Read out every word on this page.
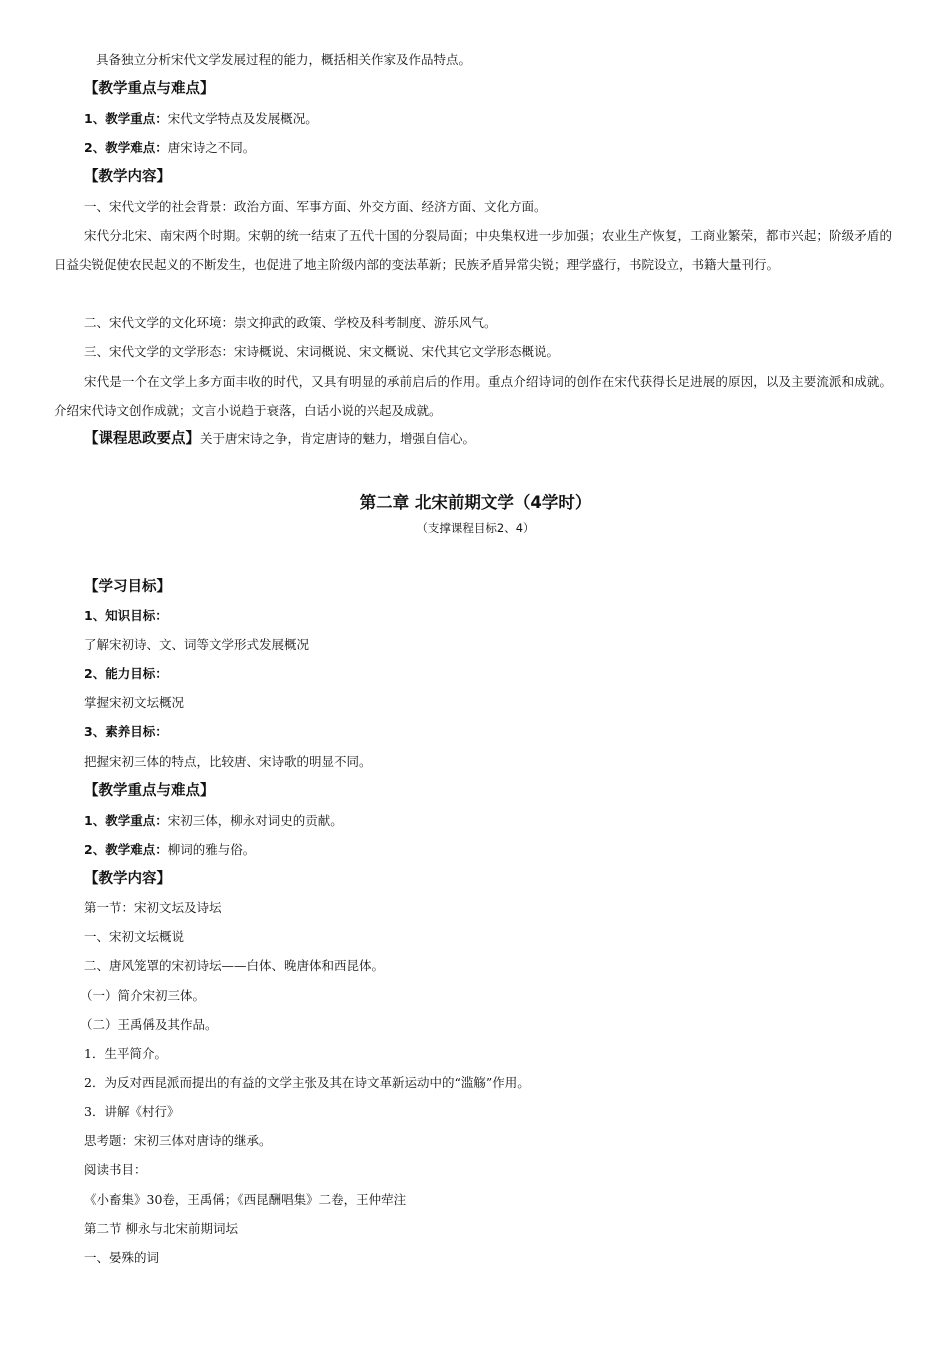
具备独立分析宋代文学发展过程的能力，概括相关作家及作品特点。
【教学重点与难点】
1、教学重点：宋代文学特点及发展概况。
2、教学难点：唐宋诗之不同。
【教学内容】
一、宋代文学的社会背景：政治方面、军事方面、外交方面、经济方面、文化方面。
宋代分北宋、南宋两个时期。宋朝的统一结束了五代十国的分裂局面；中央集权进一步加强；农业生产恢复，工商业繁荣，都市兴起；阶级矛盾的日益尖锐促使农民起义的不断发生，也促进了地主阶级内部的变法革新；民族矛盾异常尖锐；理学盛行，书院设立，书籍大量刊行。
二、宋代文学的文化环境：崇文抑武的政策、学校及科考制度、游乐风气。
三、宋代文学的文学形态：宋诗概说、宋词概说、宋文概说、宋代其它文学形态概说。
宋代是一个在文学上多方面丰收的时代，又具有明显的承前启后的作用。重点介绍诗词的创作在宋代获得长足进展的原因，以及主要流派和成就。介绍宋代诗文创作成就；文言小说趋于衰落，白话小说的兴起及成就。
【课程思政要点】关于唐宋诗之争，肯定唐诗的魅力，增强自信心。
第二章 北宋前期文学（4学时）
（支撑课程目标2、4）
【学习目标】
1、知识目标：
了解宋初诗、文、词等文学形式发展概况
2、能力目标：
掌握宋初文坛概况
3、素养目标：
把握宋初三体的特点，比较唐、宋诗歌的明显不同。
【教学重点与难点】
1、教学重点：宋初三体，柳永对词史的贡献。
2、教学难点：柳词的雅与俗。
【教学内容】
第一节：宋初文坛及诗坛
一、宋初文坛概说
二、唐风笼罩的宋初诗坛——白体、晚唐体和西昆体。
（一）简介宋初三体。
（二）王禹偁及其作品。
1．生平简介。
2．为反对西昆派而提出的有益的文学主张及其在诗文革新运动中的“滥觞”作用。
3．讲解《村行》
思考题：宋初三体对唐诗的继承。
阅读书目：
《小畜集》30卷，王禹偁；《西昆酬唱集》二卷，王仲荦注
第二节 柳永与北宋前期词坛
一、晏殊的词
